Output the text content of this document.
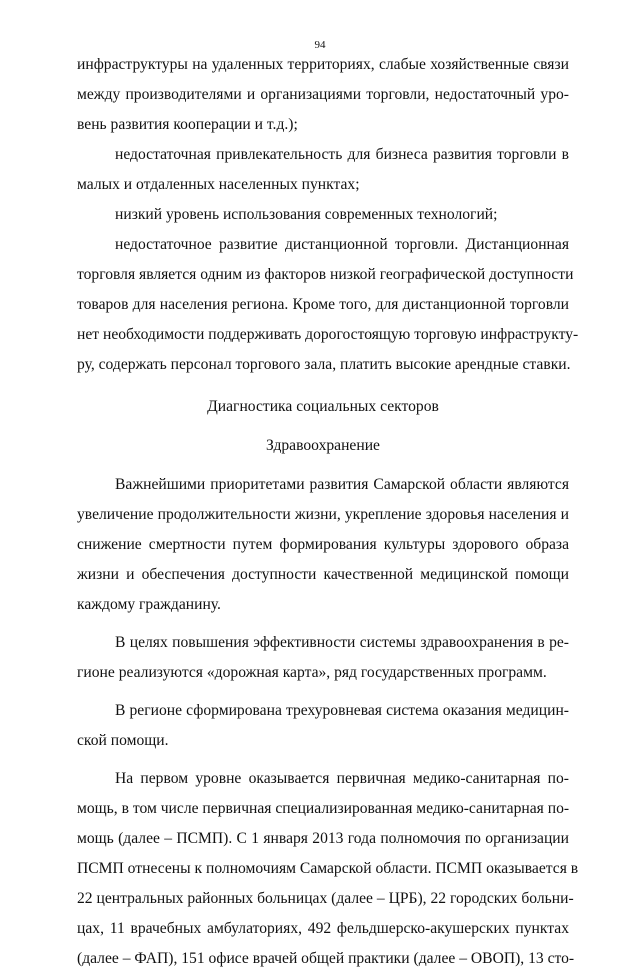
94
инфраструктуры на удаленных территориях, слабые хозяйственные связи
между производителями и организациями торговли, недостаточный уро-
вень развития кооперации и т.д.);
недостаточная привлекательность для бизнеса развития торговли в
малых и отдаленных населенных пунктах;
низкий уровень использования современных технологий;
недостаточное развитие дистанционной торговли. Дистанционная
торговля является одним из факторов низкой географической доступности
товаров для населения региона. Кроме того, для дистанционной торговли
нет необходимости поддерживать дорогостоящую торговую инфраструкту-
ру, содержать персонал торгового зала, платить высокие арендные ставки.
Диагностика социальных секторов
Здравоохранение
Важнейшими приоритетами развития Самарской области являются
увеличение продолжительности жизни, укрепление здоровья населения и
снижение смертности путем формирования культуры здорового образа
жизни и обеспечения доступности качественной медицинской помощи
каждому гражданину.
В целях повышения эффективности системы здравоохранения в ре-
гионе реализуются «дорожная карта», ряд государственных программ.
В регионе сформирована трехуровневая система оказания медицин-
ской помощи.
На первом уровне оказывается первичная медико-санитарная по-
мощь, в том числе первичная специализированная медико-санитарная по-
мощь (далее – ПСМП). С 1 января 2013 года полномочия по организации
ПСМП отнесены к полномочиям Самарской области. ПСМП оказывается в
22 центральных районных больницах (далее – ЦРБ), 22 городских больни-
цах, 11 врачебных амбулаториях, 492 фельдшерско-акушерских пунктах
(далее – ФАП), 151 офисе врачей общей практики (далее – ОВОП), 13 сто-
